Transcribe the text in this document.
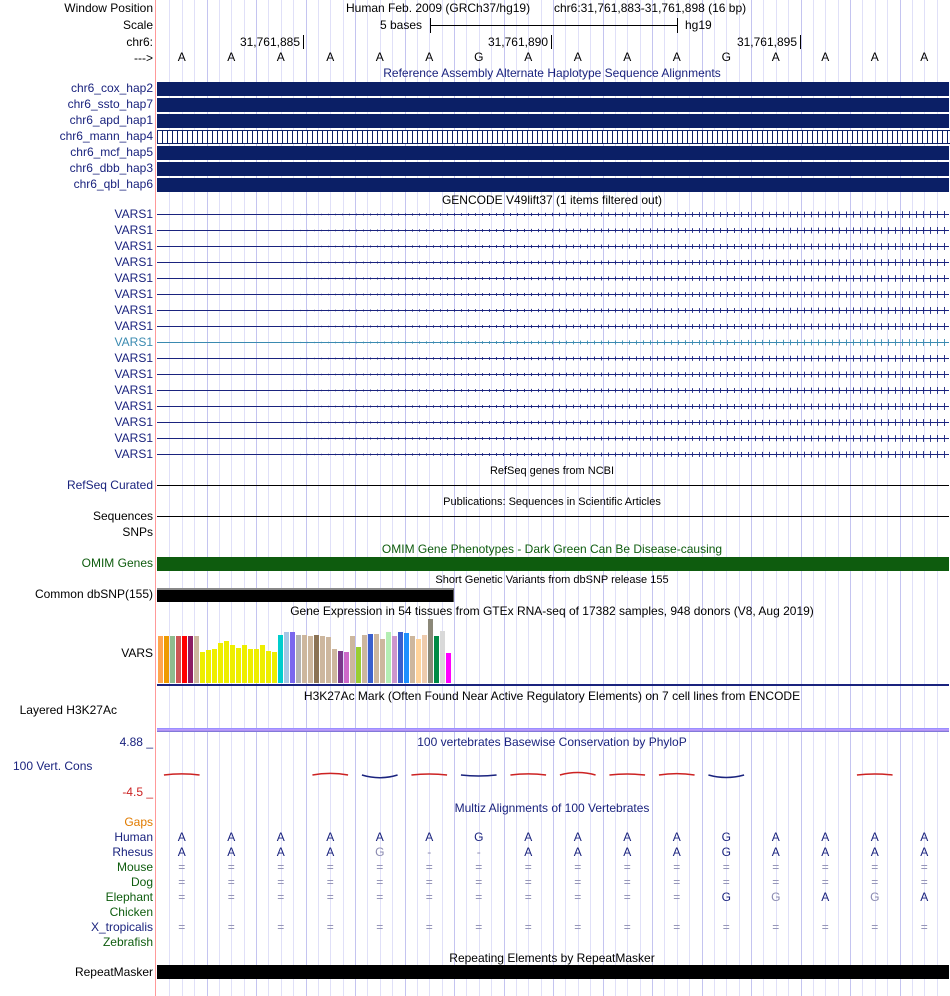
Window Position	Human Feb. 2009 (GRCh37/hg19) chr6:31,761,883-31,761,898 (16 bp)
Scale	5 bases	hg19
chr6:	31,761,885	31,761,890	31,761,895
---> A	A	A	A	A	A	G	A	A	A	A	G	A	A	A	A
Reference Assembly Alternate Haplotype Sequence Alignments
chr6_cox_hap2
chr6_ssto_hap7
chr6_apd_hap1
chr6_mann_hap4
chr6_mcf_hap5
chr6_dbb_hap3
chr6_qbl_hap6
GENCODE V49lift37 (1 items filtered out)
VARS1
VARS1
VARS1
VARS1
VARS1
VARS1
VARS1
VARS1
VARS1
VARS1
VARS1
VARS1
VARS1
VARS1
VARS1
VARS1
RefSeq genes from NCBI
RefSeq Curated
Publications: Sequences in Scientific Articles
Sequences
SNPs
OMIM Gene Phenotypes - Dark Green Can Be Disease-causing
OMIM Genes
Short Genetic Variants from dbSNP release 155
Common dbSNP(155)
Gene Expression in 54 tissues from GTEx RNA-seq of 17382 samples, 948 donors (V8, Aug 2019)
VARS
H3K27Ac Mark (Often Found Near Active Regulatory Elements) on 7 cell lines from ENCODE
Layered H3K27Ac
4.88 _	100 vertebrates Basewise Conservation by PhyloP
100 Vert. Cons
-4.5 _
Multiz Alignments of 100 Vertebrates
Gaps
Human A	A	A	A	A	A	G	A	A	A	A	G	A	A	A	A
Rhesus A	A	A	A	G	-	-	A	A	A	A	G	A	A	A	A
Mouse =	=	=	=	=	=	=	=	=	=	=	=	=	=	=	=
Dog =	=	=	=	=	=	=	=	=	=	=	=	=	=	=	=
Elephant =	=	=	=	=	=	=	=	=	=	=	G	G	A	G	A
Chicken
X_tropicalis =	=	=	=	=	=	=	=	=	=	=	=	=	=	=	=
Zebrafish
Repeating Elements by RepeatMasker
RepeatMasker
